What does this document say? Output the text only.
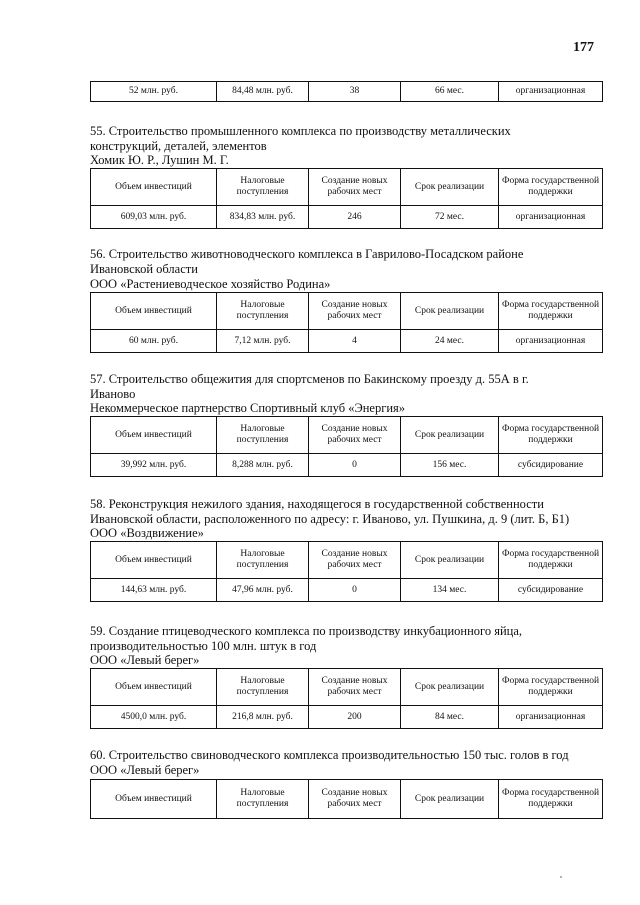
177
52 млн. руб.	84,48 млн. руб.	38	66 мес.	организационная
55. Строительство промышленного комплекса по производству металлических
конструкций, деталей, элементов
Хомик Ю. Р., Лушин М. Г.
Объем инвестиций	Налоговые поступления	Создание новых рабочих мест	Срок реализации	Форма государственной поддержки
609,03 млн. руб.	834,83 млн. руб.	246	72 мес.	организационная
56. Строительство животноводческого комплекса в Гаврилово-Посадском районе
Ивановской области
ООО «Растениеводческое хозяйство Родина»
Объем инвестиций	Налоговые поступления	Создание новых рабочих мест	Срок реализации	Форма государственной поддержки
60 млн. руб.	7,12 млн. руб.	4	24 мес.	организационная
57. Строительство общежития для спортсменов по Бакинскому проезду д. 55А в г.
Иваново
Некоммерческое партнерство Спортивный клуб «Энергия»
Объем инвестиций	Налоговые поступления	Создание новых рабочих мест	Срок реализации	Форма государственной поддержки
39,992 млн. руб.	8,288 млн. руб.	0	156 мес.	субсидирование
58. Реконструкция нежилого здания, находящегося в государственной собственности
Ивановской области, расположенного по адресу: г. Иваново, ул. Пушкина, д. 9 (лит. Б, Б1)
ООО «Воздвижение»
Объем инвестиций	Налоговые поступления	Создание новых рабочих мест	Срок реализации	Форма государственной поддержки
144,63 млн. руб.	47,96 млн. руб.	0	134 мес.	субсидирование
59. Создание птицеводческого комплекса по производству инкубационного яйца,
производительностью 100 млн. штук в год
ООО «Левый берег»
Объем инвестиций	Налоговые поступления	Создание новых рабочих мест	Срок реализации	Форма государственной поддержки
4500,0 млн. руб.	216,8 млн. руб.	200	84 мес.	организационная
60. Строительство свиноводческого комплекса производительностью 150 тыс. голов в год
ООО «Левый берег»
Объем инвестиций	Налоговые поступления	Создание новых рабочих мест	Срок реализации	Форма государственной поддержки
